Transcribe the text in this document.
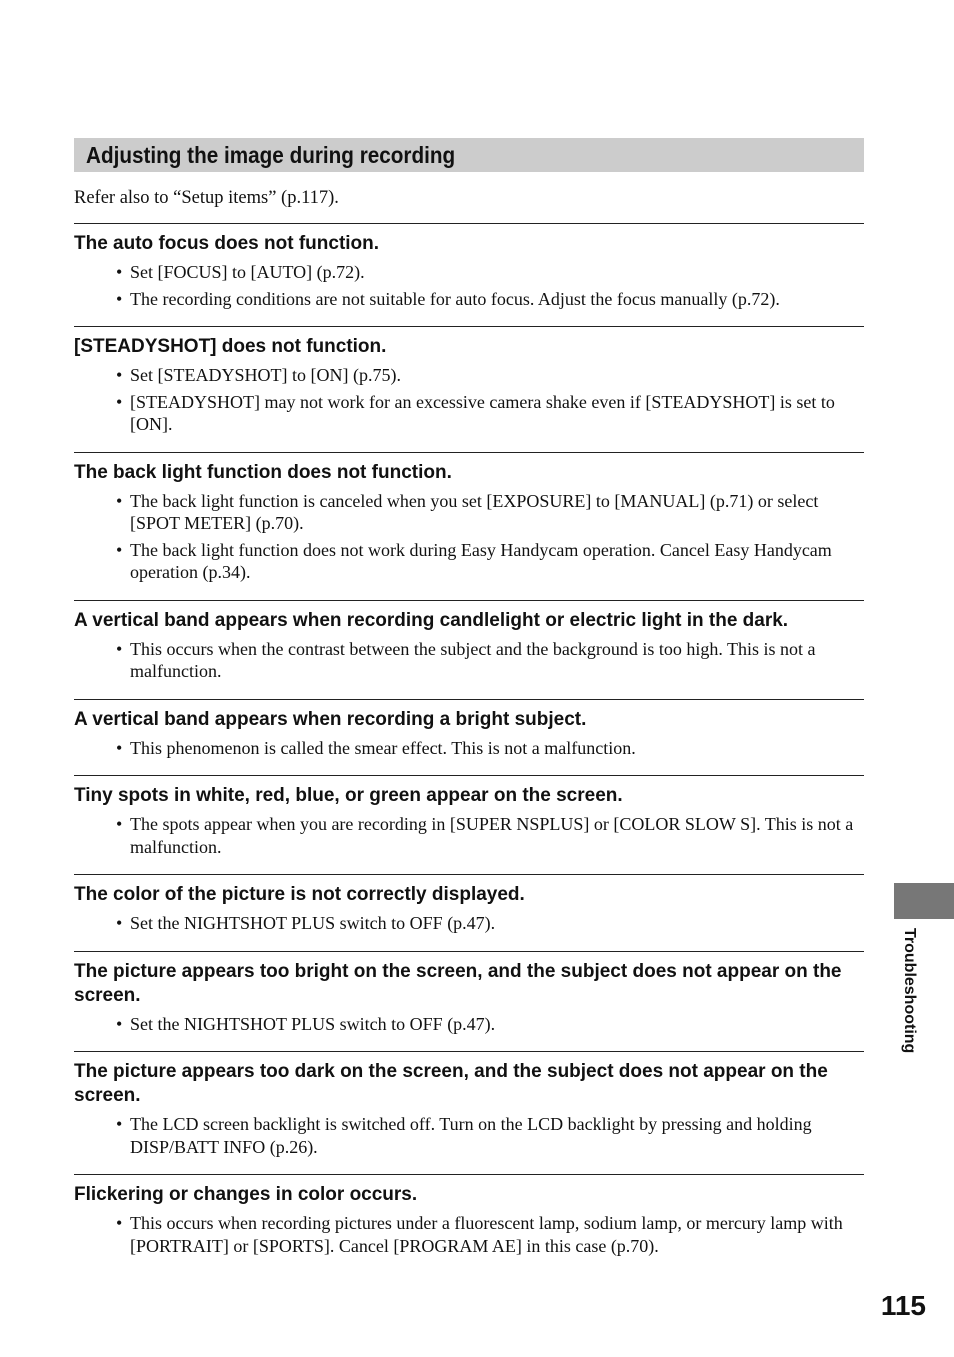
Adjusting the image during recording
Refer also to “Setup items” (p.117).
The auto focus does not function.
• Set [FOCUS] to [AUTO] (p.72).
• The recording conditions are not suitable for auto focus. Adjust the focus manually (p.72).
[STEADYSHOT] does not function.
• Set [STEADYSHOT] to [ON] (p.75).
• [STEADYSHOT] may not work for an excessive camera shake even if [STEADYSHOT] is set to [ON].
The back light function does not function.
• The back light function is canceled when you set [EXPOSURE] to [MANUAL] (p.71) or select [SPOT METER] (p.70).
• The back light function does not work during Easy Handycam operation. Cancel Easy Handycam operation (p.34).
A vertical band appears when recording candlelight or electric light in the dark.
• This occurs when the contrast between the subject and the background is too high. This is not a malfunction.
A vertical band appears when recording a bright subject.
• This phenomenon is called the smear effect. This is not a malfunction.
Tiny spots in white, red, blue, or green appear on the screen.
• The spots appear when you are recording in [SUPER NSPLUS] or [COLOR SLOW S]. This is not a malfunction.
The color of the picture is not correctly displayed.
• Set the NIGHTSHOT PLUS switch to OFF (p.47).
The picture appears too bright on the screen, and the subject does not appear on the screen.
• Set the NIGHTSHOT PLUS switch to OFF (p.47).
The picture appears too dark on the screen, and the subject does not appear on the screen.
• The LCD screen backlight is switched off. Turn on the LCD backlight by pressing and holding DISP/BATT INFO (p.26).
Flickering or changes in color occurs.
• This occurs when recording pictures under a fluorescent lamp, sodium lamp, or mercury lamp with [PORTRAIT] or [SPORTS]. Cancel [PROGRAM AE] in this case (p.70).
Troubleshooting
115
